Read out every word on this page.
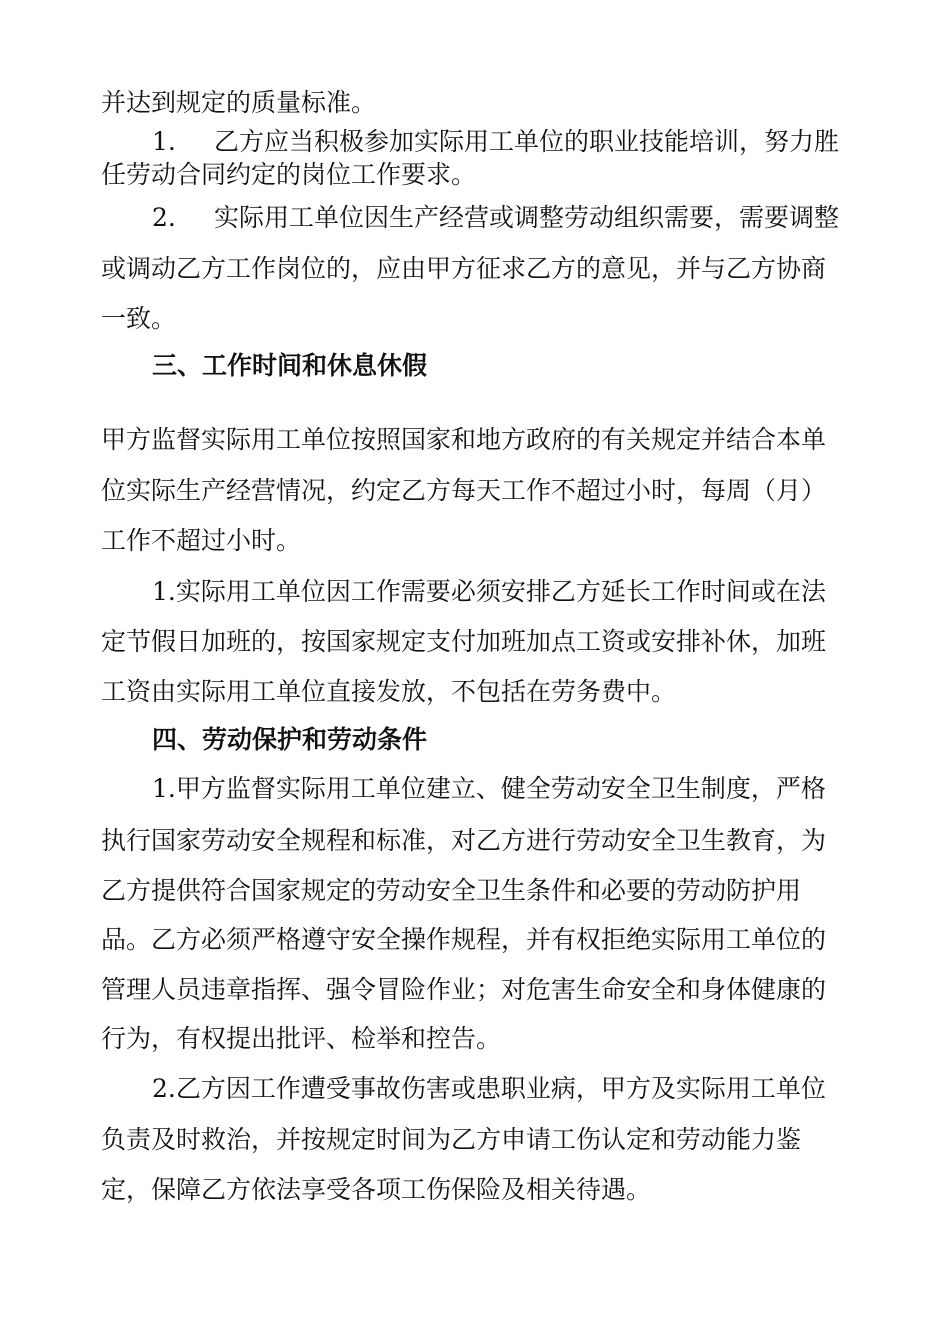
并达到规定的质量标准。
1. 乙方应当积极参加实际用工单位的职业技能培训，努力胜
任劳动合同约定的岗位工作要求。
2. 实际用工单位因生产经营或调整劳动组织需要，需要调整
或调动乙方工作岗位的，应由甲方征求乙方的意见，并与乙方协商
一致。
三、工作时间和休息休假
甲方监督实际用工单位按照国家和地方政府的有关规定并结合本单
位实际生产经营情况，约定乙方每天工作不超过小时，每周（月）
工作不超过小时。
1.实际用工单位因工作需要必须安排乙方延长工作时间或在法
定节假日加班的，按国家规定支付加班加点工资或安排补休，加班
工资由实际用工单位直接发放，不包括在劳务费中。
四、劳动保护和劳动条件
1.甲方监督实际用工单位建立、健全劳动安全卫生制度，严格
执行国家劳动安全规程和标准，对乙方进行劳动安全卫生教育，为
乙方提供符合国家规定的劳动安全卫生条件和必要的劳动防护用
品。乙方必须严格遵守安全操作规程，并有权拒绝实际用工单位的
管理人员违章指挥、强令冒险作业；对危害生命安全和身体健康的
行为，有权提出批评、检举和控告。
2.乙方因工作遭受事故伤害或患职业病，甲方及实际用工单位
负责及时救治，并按规定时间为乙方申请工伤认定和劳动能力鉴
定，保障乙方依法享受各项工伤保险及相关待遇。
